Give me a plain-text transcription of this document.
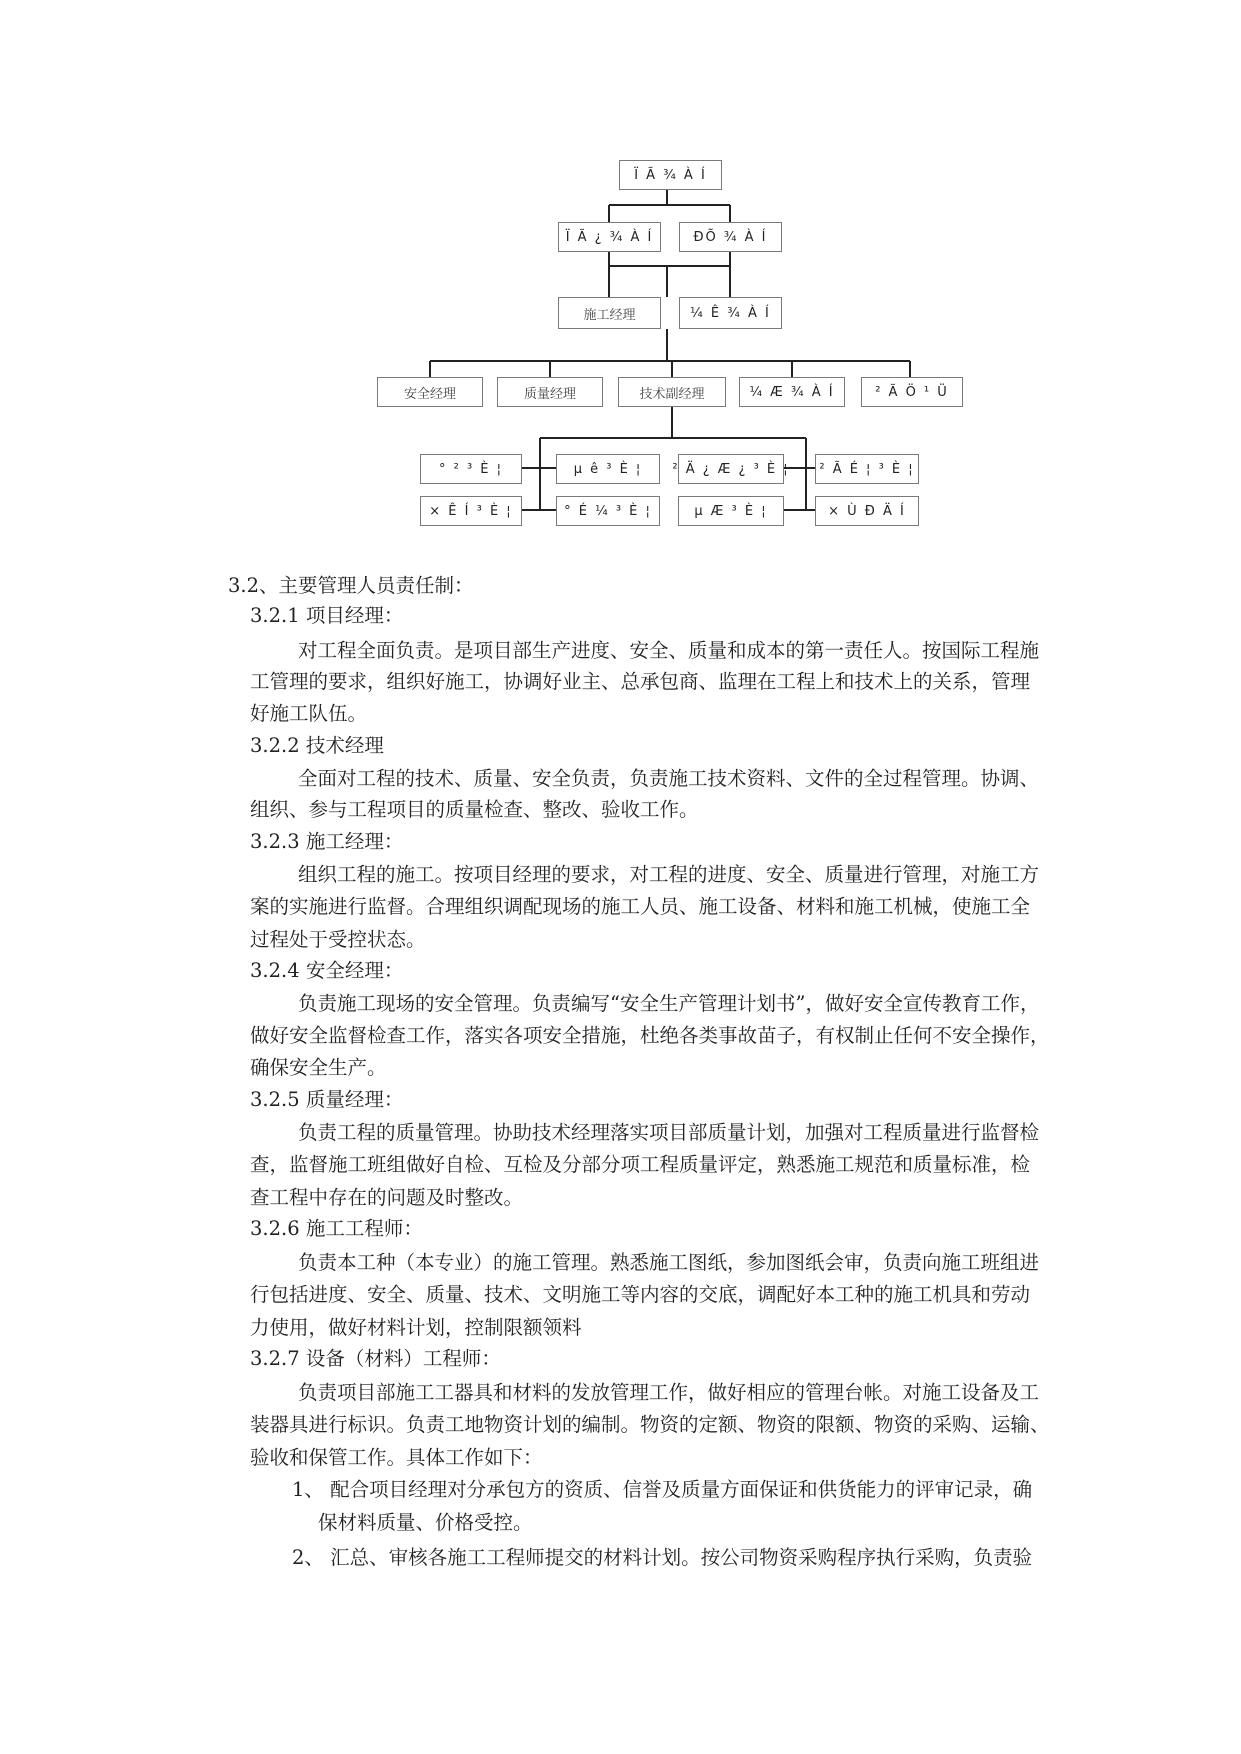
Ï Ã ¾ À Í
Ï Ã ¿ ¾ À Í	ÐÕ ¾ À Í
施工经理	¼ Ê ¾ À Í
安全经理	质量经理	技术副经理	¼ Æ ¾ À Í	² Ã Ö ¹ Ü
° ² ³ È ¦	µ ê ³ È ¦	² Ä ¿ Æ ¿ ³ È ¦	² Ã É ¦ ³ È ¦
× Ê Í ³ È ¦	° É ¼ ³ È ¦	µ Æ ³ È ¦	× Ù Ð Ä Í
3.2、主要管理人员责任制：
3.2.1 项目经理：
对工程全面负责。是项目部生产进度、安全、质量和成本的第一责任人。按国际工程施
工管理的要求，组织好施工，协调好业主、总承包商、监理在工程上和技术上的关系，管理
好施工队伍。
3.2.2 技术经理
全面对工程的技术、质量、安全负责，负责施工技术资料、文件的全过程管理。协调、
组织、参与工程项目的质量检查、整改、验收工作。
3.2.3 施工经理：
组织工程的施工。按项目经理的要求，对工程的进度、安全、质量进行管理，对施工方
案的实施进行监督。合理组织调配现场的施工人员、施工设备、材料和施工机械，使施工全
过程处于受控状态。
3.2.4 安全经理：
负责施工现场的安全管理。负责编写“安全生产管理计划书”，做好安全宣传教育工作，
做好安全监督检查工作，落实各项安全措施，杜绝各类事故苗子，有权制止任何不安全操作，
确保安全生产。
3.2.5 质量经理：
负责工程的质量管理。协助技术经理落实项目部质量计划，加强对工程质量进行监督检
查，监督施工班组做好自检、互检及分部分项工程质量评定，熟悉施工规范和质量标准，检
查工程中存在的问题及时整改。
3.2.6 施工工程师：
负责本工种（本专业）的施工管理。熟悉施工图纸，参加图纸会审，负责向施工班组进
行包括进度、安全、质量、技术、文明施工等内容的交底，调配好本工种的施工机具和劳动
力使用，做好材料计划，控制限额领料
3.2.7 设备（材料）工程师：
负责项目部施工工器具和材料的发放管理工作，做好相应的管理台帐。对施工设备及工
装器具进行标识。负责工地物资计划的编制。物资的定额、物资的限额、物资的采购、运输、
验收和保管工作。具体工作如下：
1、 配合项目经理对分承包方的资质、信誉及质量方面保证和供货能力的评审记录，确
保材料质量、价格受控。
2、 汇总、审核各施工工程师提交的材料计划。按公司物资采购程序执行采购，负责验
